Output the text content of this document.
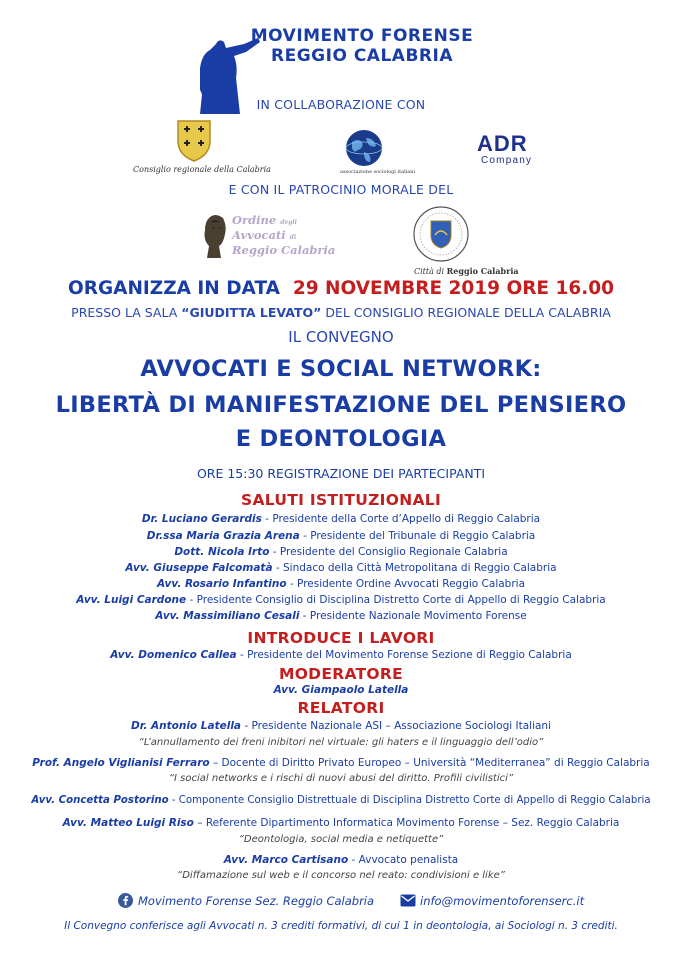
MOVIMENTO FORENSE
REGGIO CALABRIA
IN COLLABORAZIONE CON
Consiglio regionale della Calabria	associazione sociologi italiani
ADR
Company
E CON IL PATROCINIO MORALE DEL
Ordine degli
Avvocati di
Reggio Calabria
Città di Reggio Calabria
ORGANIZZA IN DATA 29 NOVEMBRE 2019 ORE 16.00
PRESSO LA SALA “GIUDITTA LEVATO” DEL CONSIGLIO REGIONALE DELLA CALABRIA
IL CONVEGNO
AVVOCATI E SOCIAL NETWORK:
LIBERTÀ DI MANIFESTAZIONE DEL PENSIERO
E DEONTOLOGIA
ORE 15:30 REGISTRAZIONE DEI PARTECIPANTI
SALUTI ISTITUZIONALI
Dr. Luciano Gerardis - Presidente della Corte d’Appello di Reggio Calabria
Dr.ssa Maria Grazia Arena - Presidente del Tribunale di Reggio Calabria
Dott. Nicola Irto - Presidente del Consiglio Regionale Calabria
Avv. Giuseppe Falcomatà - Sindaco della Città Metropolitana di Reggio Calabria
Avv. Rosario Infantino - Presidente Ordine Avvocati Reggio Calabria
Avv. Luigi Cardone - Presidente Consiglio di Disciplina Distretto Corte di Appello di Reggio Calabria
Avv. Massimiliano Cesali - Presidente Nazionale Movimento Forense
INTRODUCE I LAVORI
Avv. Domenico Callea - Presidente del Movimento Forense Sezione di Reggio Calabria
MODERATORE
Avv. Giampaolo Latella
RELATORI
Dr. Antonio Latella - Presidente Nazionale ASI – Associazione Sociologi Italiani
“L’annullamento dei freni inibitori nel virtuale: gli haters e il linguaggio dell’odio”
Prof. Angelo Viglianisi Ferraro – Docente di Diritto Privato Europeo – Università “Mediterranea” di Reggio Calabria
“I social networks e i rischi di nuovi abusi del diritto. Profili civilistici”
Avv. Concetta Postorino - Componente Consiglio Distrettuale di Disciplina Distretto Corte di Appello di Reggio Calabria
Avv. Matteo Luigi Riso – Referente Dipartimento Informatica Movimento Forense – Sez. Reggio Calabria
“Deontologia, social media e netiquette”
Avv. Marco Cartisano - Avvocato penalista
“Diffamazione sul web e il concorso nel reato: condivisioni e like”
Movimento Forense Sez. Reggio Calabria	info@movimentoforenserc.it
Il Convegno conferisce agli Avvocati n. 3 crediti formativi, di cui 1 in deontologia, ai Sociologi n. 3 crediti.
